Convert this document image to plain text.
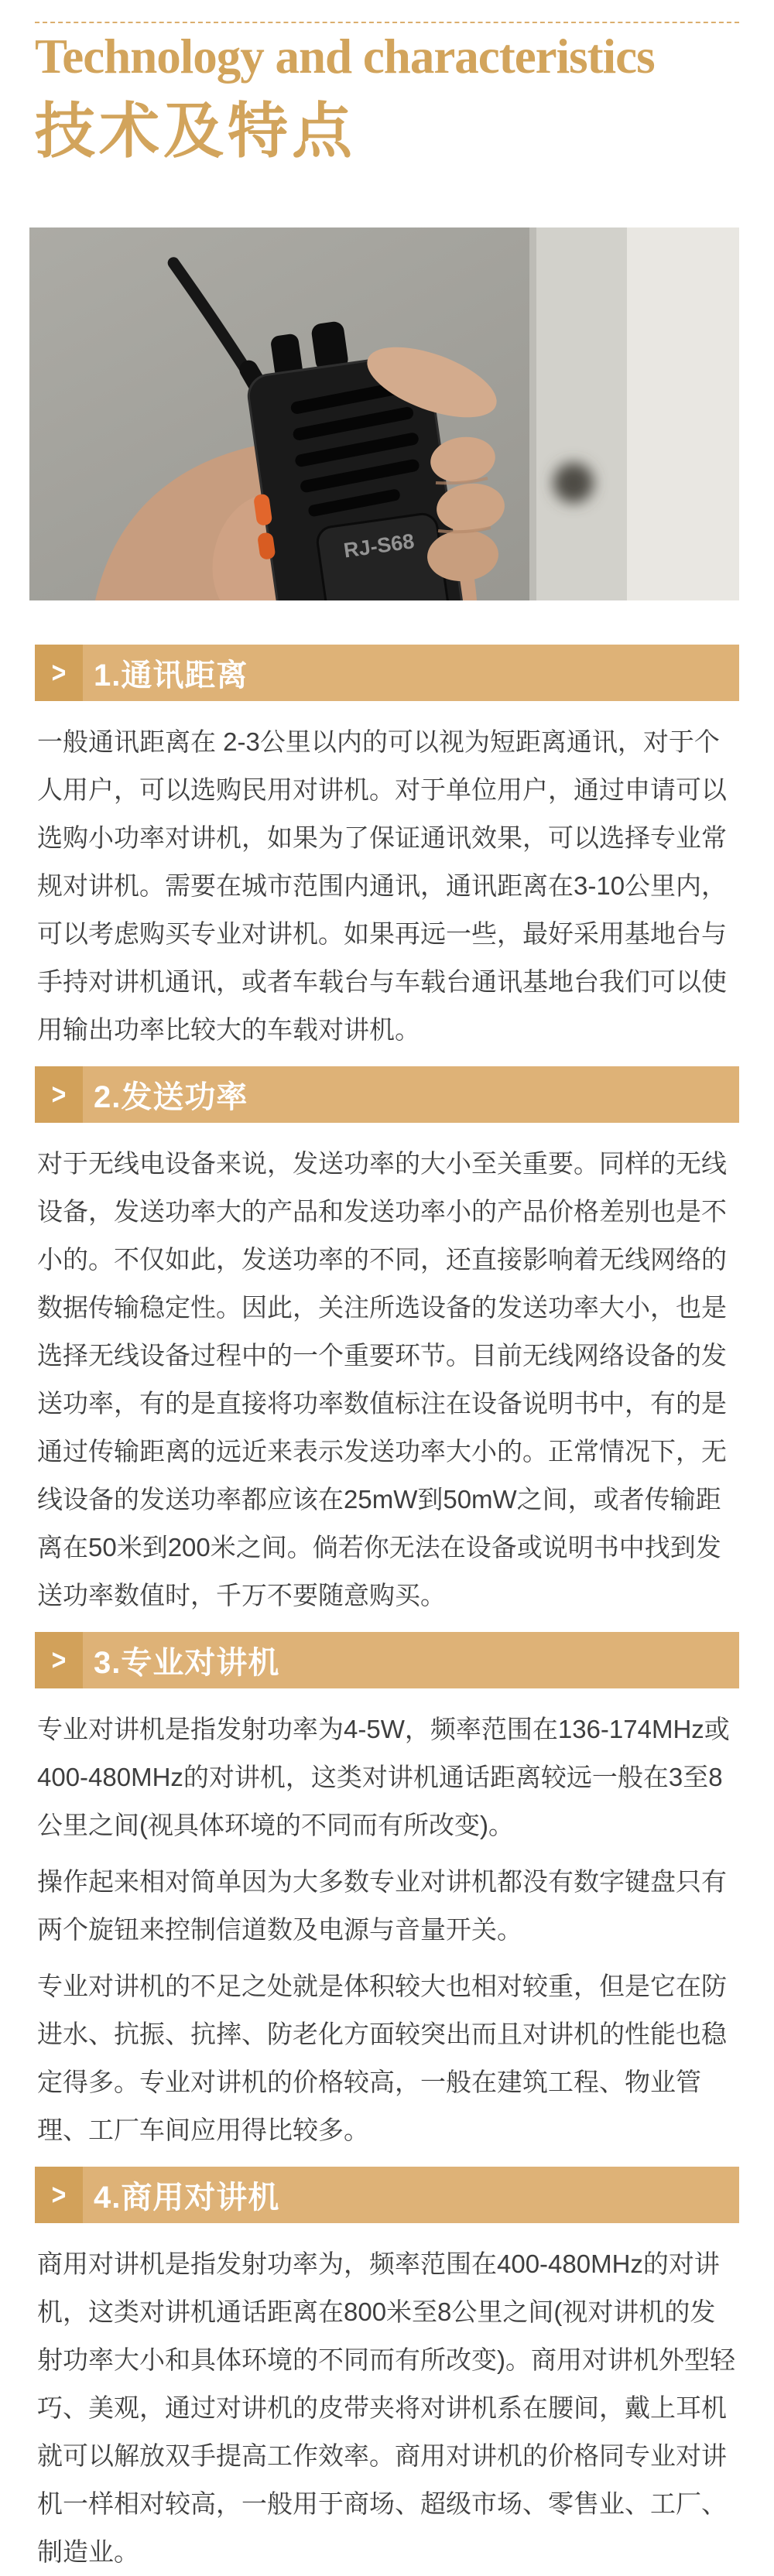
Technology and characteristics
技术及特点
RJ-S68
> 1.通讯距离

一般通讯距离在 2-3公里以内的可以视为短距离通讯，对于个人用户，可以选购民用对讲机。对于单位用户，通过申请可以选购小功率对讲机，如果为了保证通讯效果，可以选择专业常规对讲机。需要在城市范围内通讯，通讯距离在3-10公里内，可以考虑购买专业对讲机。如果再远一些，最好采用基地台与手持对讲机通讯，或者车载台与车载台通讯基地台我们可以使用输出功率比较大的车载对讲机。

> 2.发送功率

对于无线电设备来说，发送功率的大小至关重要。同样的无线设备，发送功率大的产品和发送功率小的产品价格差别也是不小的。不仅如此，发送功率的不同，还直接影响着无线网络的数据传输稳定性。因此，关注所选设备的发送功率大小，也是选择无线设备过程中的一个重要环节。目前无线网络设备的发送功率，有的是直接将功率数值标注在设备说明书中，有的是通过传输距离的远近来表示发送功率大小的。正常情况下，无线设备的发送功率都应该在25mW到50mW之间，或者传输距离在50米到200米之间。倘若你无法在设备或说明书中找到发送功率数值时，千万不要随意购买。

> 3.专业对讲机

专业对讲机是指发射功率为4-5W，频率范围在136-174MHz或400-480MHz的对讲机，这类对讲机通话距离较远一般在3至8公里之间(视具体环境的不同而有所改变)。

操作起来相对简单因为大多数专业对讲机都没有数字键盘只有两个旋钮来控制信道数及电源与音量开关。

专业对讲机的不足之处就是体积较大也相对较重，但是它在防进水、抗振、抗摔、防老化方面较突出而且对讲机的性能也稳定得多。专业对讲机的价格较高，一般在建筑工程、物业管理、工厂车间应用得比较多。

> 4.商用对讲机

商用对讲机是指发射功率为，频率范围在400-480MHz的对讲机，这类对讲机通话距离在800米至8公里之间(视对讲机的发射功率大小和具体环境的不同而有所改变)。商用对讲机外型轻巧、美观，通过对讲机的皮带夹将对讲机系在腰间，戴上耳机就可以解放双手提高工作效率。商用对讲机的价格同专业对讲机一样相对较高，一般用于商场、超级市场、零售业、工厂、制造业。
